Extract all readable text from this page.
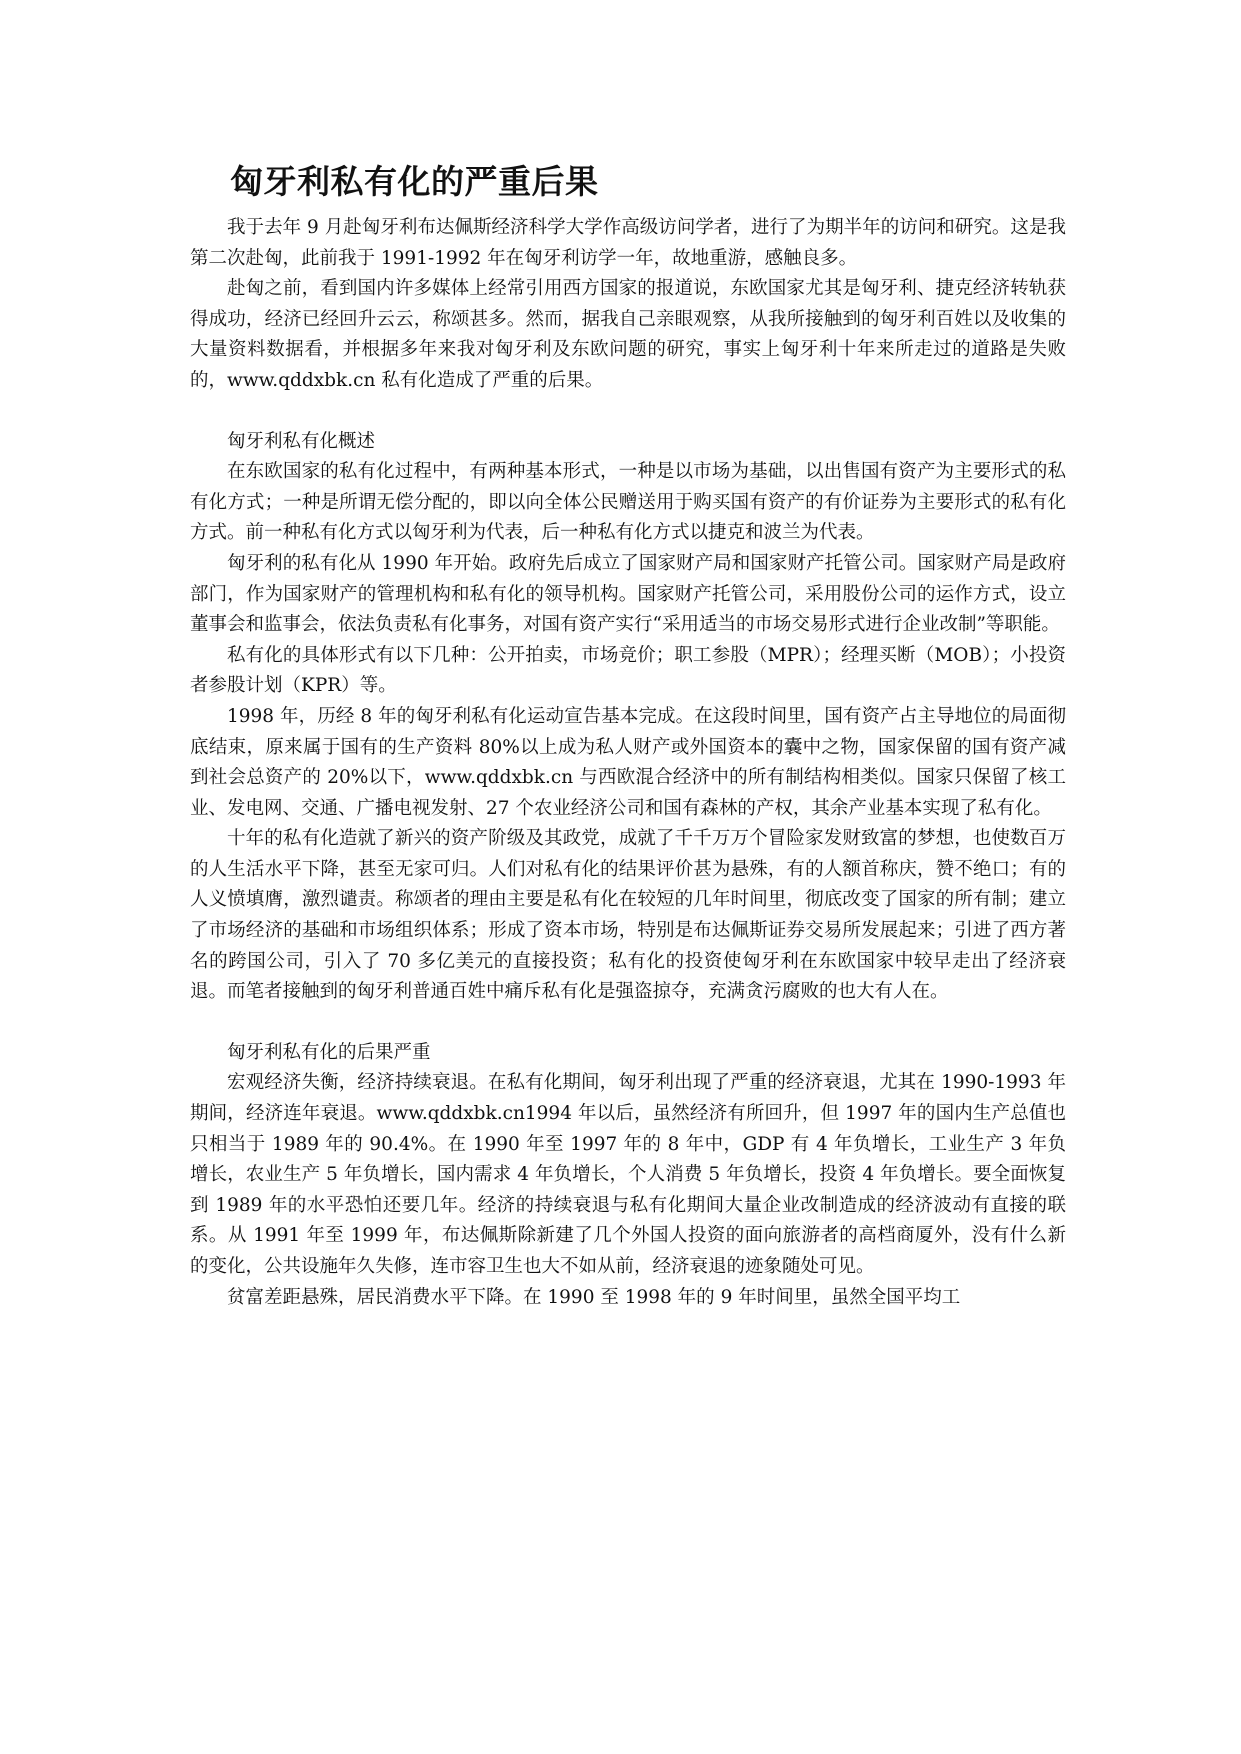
匈牙利私有化的严重后果

我于去年 9 月赴匈牙利布达佩斯经济科学大学作高级访问学者，进行了为期半年的访问和研究。这是我第二次赴匈，此前我于 1991-1992 年在匈牙利访学一年，故地重游，感触良多。

赴匈之前，看到国内许多媒体上经常引用西方国家的报道说，东欧国家尤其是匈牙利、捷克经济转轨获得成功，经济已经回升云云，称颂甚多。然而，据我自己亲眼观察，从我所接触到的匈牙利百姓以及收集的大量资料数据看，并根据多年来我对匈牙利及东欧问题的研究，事实上匈牙利十年来所走过的道路是失败的，www.qddxbk.cn 私有化造成了严重的后果。

匈牙利私有化概述

在东欧国家的私有化过程中，有两种基本形式，一种是以市场为基础，以出售国有资产为主要形式的私有化方式；一种是所谓无偿分配的，即以向全体公民赠送用于购买国有资产的有价证券为主要形式的私有化方式。前一种私有化方式以匈牙利为代表，后一种私有化方式以捷克和波兰为代表。

匈牙利的私有化从 1990 年开始。政府先后成立了国家财产局和国家财产托管公司。国家财产局是政府部门，作为国家财产的管理机构和私有化的领导机构。国家财产托管公司，采用股份公司的运作方式，设立董事会和监事会，依法负责私有化事务，对国有资产实行“采用适当的市场交易形式进行企业改制”等职能。

私有化的具体形式有以下几种：公开拍卖，市场竞价；职工参股（MPR）；经理买断（MOB）；小投资者参股计划（KPR）等。

1998 年，历经 8 年的匈牙利私有化运动宣告基本完成。在这段时间里，国有资产占主导地位的局面彻底结束，原来属于国有的生产资料 80%以上成为私人财产或外国资本的囊中之物，国家保留的国有资产减到社会总资产的 20%以下，www.qddxbk.cn 与西欧混合经济中的所有制结构相类似。国家只保留了核工业、发电网、交通、广播电视发射、27 个农业经济公司和国有森林的产权，其余产业基本实现了私有化。

十年的私有化造就了新兴的资产阶级及其政党，成就了千千万万个冒险家发财致富的梦想，也使数百万的人生活水平下降，甚至无家可归。人们对私有化的结果评价甚为悬殊，有的人额首称庆，赞不绝口；有的人义愤填膺，激烈谴责。称颂者的理由主要是私有化在较短的几年时间里，彻底改变了国家的所有制；建立了市场经济的基础和市场组织体系；形成了资本市场，特别是布达佩斯证券交易所发展起来；引进了西方著名的跨国公司，引入了 70 多亿美元的直接投资；私有化的投资使匈牙利在东欧国家中较早走出了经济衰退。而笔者接触到的匈牙利普通百姓中痛斥私有化是强盗掠夺，充满贪污腐败的也大有人在。

匈牙利私有化的后果严重

宏观经济失衡，经济持续衰退。在私有化期间，匈牙利出现了严重的经济衰退，尤其在 1990-1993 年期间，经济连年衰退。www.qddxbk.cn1994 年以后，虽然经济有所回升，但 1997 年的国内生产总值也只相当于 1989 年的 90.4%。在 1990 年至 1997 年的 8 年中，GDP 有 4 年负增长，工业生产 3 年负增长，农业生产 5 年负增长，国内需求 4 年负增长，个人消费 5 年负增长，投资 4 年负增长。要全面恢复到 1989 年的水平恐怕还要几年。经济的持续衰退与私有化期间大量企业改制造成的经济波动有直接的联系。从 1991 年至 1999 年，布达佩斯除新建了几个外国人投资的面向旅游者的高档商厦外，没有什么新的变化，公共设施年久失修，连市容卫生也大不如从前，经济衰退的迹象随处可见。

贫富差距悬殊，居民消费水平下降。在 1990 至 1998 年的 9 年时间里，虽然全国平均工
